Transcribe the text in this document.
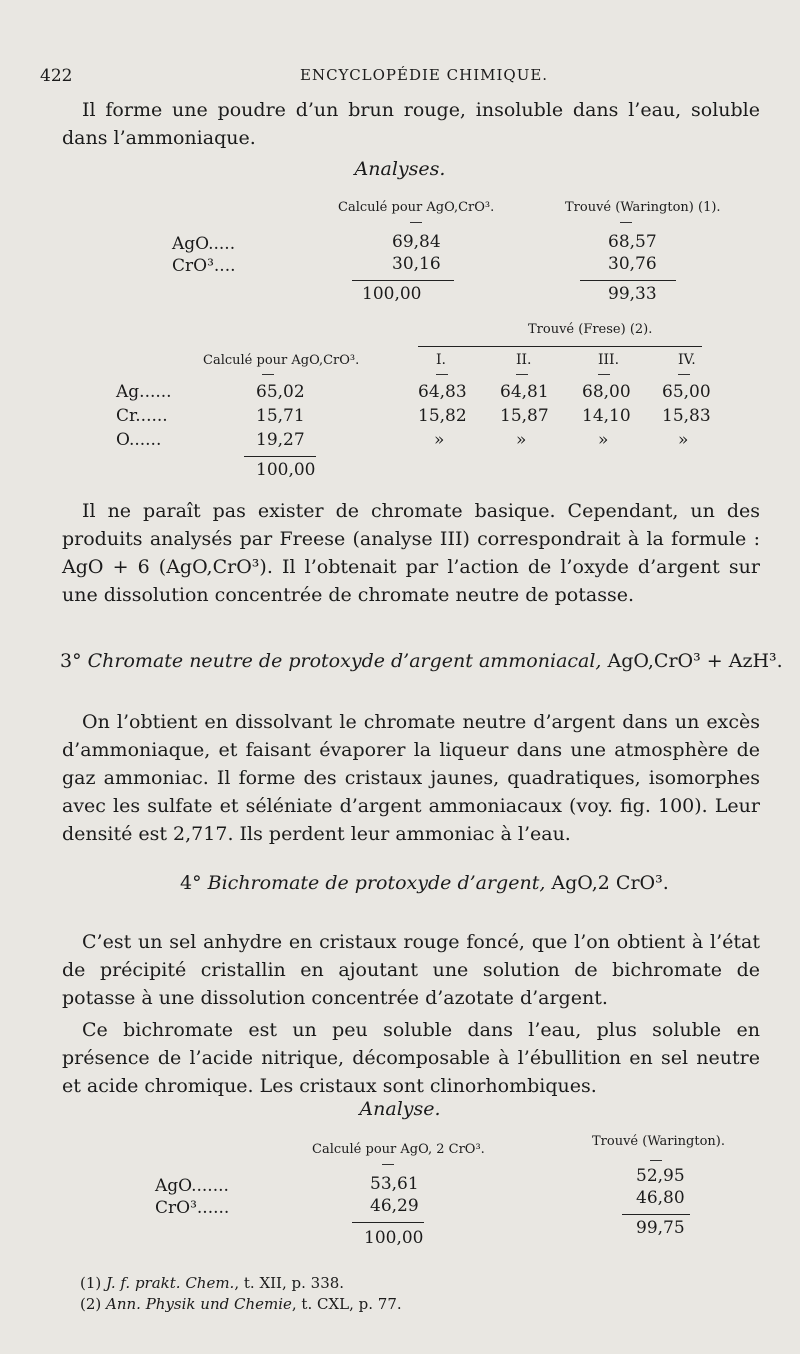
422	ENCYCLOPÉDIE CHIMIQUE.

Il forme une poudre d’un brun rouge, insoluble dans l’eau, soluble dans l’ammoniaque.

Analyses.
Calculé pour AgO,CrO³.	Trouvé (Warington) (1).
AgO.....	69,84	68,57
CrO³....	30,16	30,76
100,00	99,33
Trouvé (Frese) (2).
Calculé pour AgO,CrO³.	I.	II.	III.	IV.
Ag......	65,02	64,83 64,81 68,00 65,00
Cr......	15,71	15,82 15,87 14,10 15,83
O......	19,27	»	»	»	»
100,00

Il ne paraît pas exister de chromate basique. Cependant, un des produits analysés par Freese (analyse III) correspondrait à la formule : AgO + 6 (AgO,CrO³). Il l’obtenait par l’action de l’oxyde d’argent sur une dissolution concentrée de chromate neutre de potasse.

3° Chromate neutre de protoxyde d’argent ammoniacal, AgO,CrO³ + AzH³.

On l’obtient en dissolvant le chromate neutre d’argent dans un excès d’ammoniaque, et faisant évaporer la liqueur dans une atmosphère de gaz ammoniac. Il forme des cristaux jaunes, quadratiques, isomorphes avec les sulfate et séléniate d’argent ammoniacaux (voy. fig. 100). Leur densité est 2,717. Ils perdent leur ammoniac à l’eau.

4° Bichromate de protoxyde d’argent, AgO,2 CrO³.

C’est un sel anhydre en cristaux rouge foncé, que l’on obtient à l’état de précipité cristallin en ajoutant une solution de bichromate de potasse à une dissolution concentrée d’azotate d’argent.

Ce bichromate est un peu soluble dans l’eau, plus soluble en présence de l’acide nitrique, décomposable à l’ébullition en sel neutre et acide chromique. Les cristaux sont clinorhombiques.

Analyse.
Calculé pour AgO, 2 CrO³.
Trouvé (Warington).
AgO.......	53,61	52,95
CrO³......	46,29	46,80
100,00	99,75
(1) J. f. prakt. Chem., t. XII, p. 338.
(2) Ann. Physik und Chemie, t. CXL, p. 77.
